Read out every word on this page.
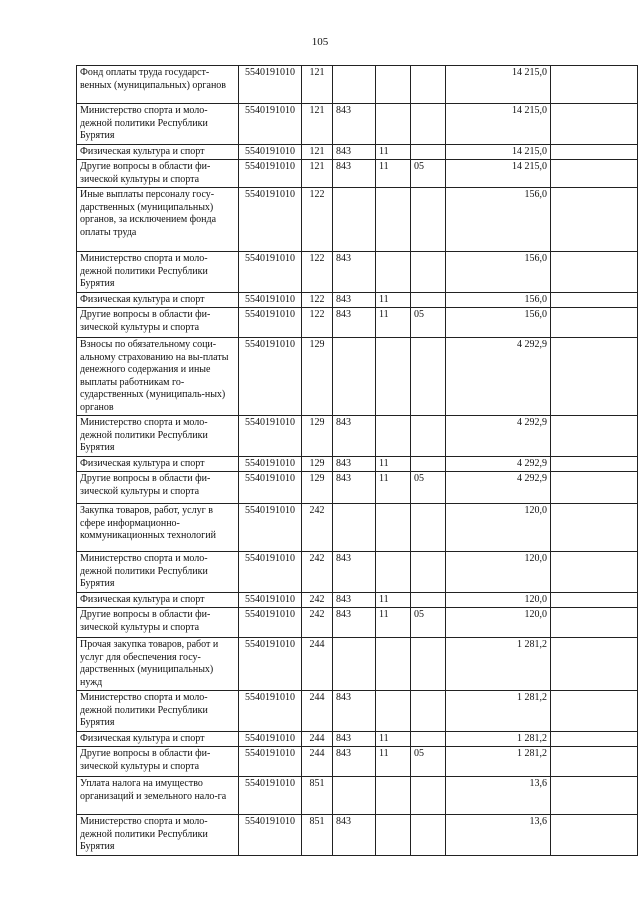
105
Фонд оплаты труда государст-венных (муниципальных) органов	5540191010	121				14 215,0	
Министерство спорта и моло-дежной политики Республики Бурятия	5540191010	121	843			14 215,0	
Физическая культура и спорт	5540191010	121	843	11		14 215,0	
Другие вопросы в области фи-зической культуры и спорта	5540191010	121	843	11	05	14 215,0	
Иные выплаты персоналу госу-дарственных (муниципальных) органов, за исключением фонда оплаты труда	5540191010	122				156,0	
Министерство спорта и моло-дежной политики Республики Бурятия	5540191010	122	843			156,0	
Физическая культура и спорт	5540191010	122	843	11		156,0	
Другие вопросы в области фи-зической культуры и спорта	5540191010	122	843	11	05	156,0	
Взносы по обязательному соци-альному страхованию на вы-платы денежного содержания и иные выплаты работникам го-сударственных (муниципаль-ных) органов	5540191010	129				4 292,9	
Министерство спорта и моло-дежной политики Республики Бурятия	5540191010	129	843			4 292,9	
Физическая культура и спорт	5540191010	129	843	11		4 292,9	
Другие вопросы в области фи-зической культуры и спорта	5540191010	129	843	11	05	4 292,9	
Закупка товаров, работ, услуг в сфере информационно-коммуникационных технологий	5540191010	242				120,0	
Министерство спорта и моло-дежной политики Республики Бурятия	5540191010	242	843			120,0	
Физическая культура и спорт	5540191010	242	843	11		120,0	
Другие вопросы в области фи-зической культуры и спорта	5540191010	242	843	11	05	120,0	
Прочая закупка товаров, работ и услуг для обеспечения госу-дарственных (муниципальных) нужд	5540191010	244				1 281,2	
Министерство спорта и моло-дежной политики Республики Бурятия	5540191010	244	843			1 281,2	
Физическая культура и спорт	5540191010	244	843	11		1 281,2	
Другие вопросы в области фи-зической культуры и спорта	5540191010	244	843	11	05	1 281,2	
Уплата налога на имущество организаций и земельного нало-га	5540191010	851				13,6	
Министерство спорта и моло-дежной политики Республики Бурятия	5540191010	851	843			13,6	
